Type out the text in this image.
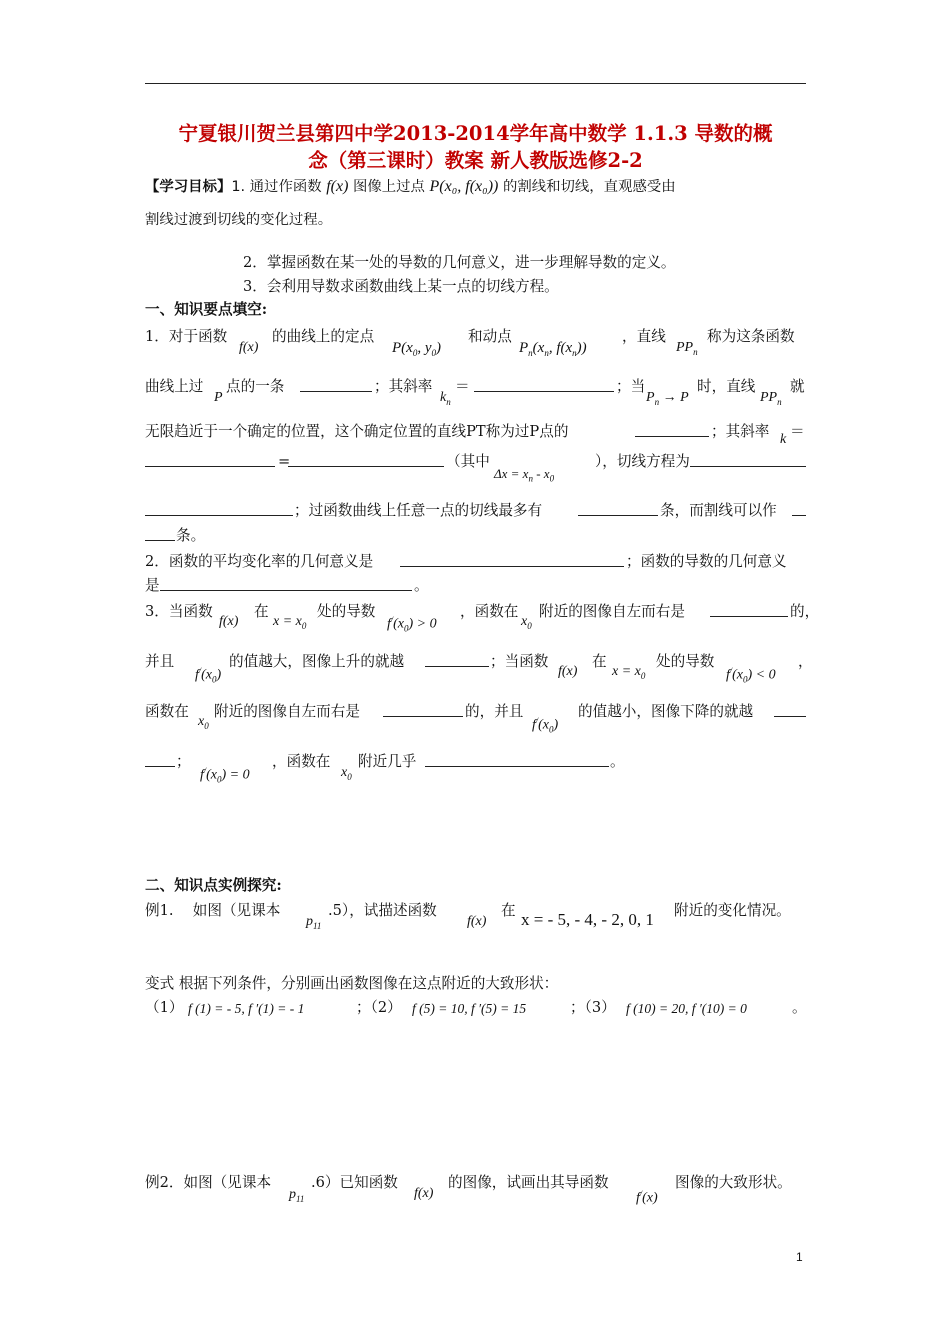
宁夏银川贺兰县第四中学2013-2014学年高中数学 1.1.3 导数的概
念（第三课时）教案 新人教版选修2-2
【学习目标】1. 通过作函数 f(x) 图像上过点 P(x₀, f(x₀)) 的割线和切线，直观感受由
割线过渡到切线的变化过程。
2．掌握函数在某一处的导数的几何意义，进一步理解导数的定义。
3．会利用导数求函数曲线上某一点的切线方程。
一、知识要点填空:
1．对于函数
f(x)
的曲线上的定点
$P(x_0$, $y_0$)
和动点
$P_n(x_n$, $f(x_n)$)
，直线
$PP_n$
称为这条函数
曲线上过
P
点的一条	；其斜率
$k_n$
＝	；当
$P_n \to P$
时，直线
$PP_n$
就
无限趋近于一个确定的位置，这个确定位置的直线PT称为过P点的	；其斜率 k ＝
=	（其中
$\Delta x = x_n - x_0$
），切线方程为
；过函数曲线上任意一点的切线最多有	条，而割线可以作
条。
2．函数的平均变化率的几何意义是	；函数的导数的几何意义
是	。
3．当函数
f(x)
在
$x = x_0$
处的导数
$f^/(x_0) > 0$
，函数在
$x_0$
附近的图像自左而右是	的，
并且
$f^/(x_0)$
的值越大，图像上升的就越	；当函数
f(x)
在
$x = x_0$
处的导数
$f^/(x_0) < 0$
，
函数在
$x_0$
附近的图像自左而右是	的，并且
$f^/(x_0)$
的值越小，图像下降的就越
；
$f^/(x_0) = 0$
，函数在
$x_0$
附近几乎	。
二、知识点实例探究:
例1.　 如图（见课本
$p_{11}$
.5），试描述函数
f(x)
在 x = - 5, - 4, - 2, 0, 1 附近的变化情况。
变式 根据下列条件，分别画出函数图像在这点附近的大致形状：
（1） f (1) = - 5, f ′(1) = - 1	；（2） f (5) = 10, f ′(5) = 15	；（3） f (10) = 20, f ′(10) = 0	。
例2．如图（见课本
$p_{11}$
.6）已知函数
f(x)
的图像，试画出其导函数
f/(x)
图像的大致形状。
1
